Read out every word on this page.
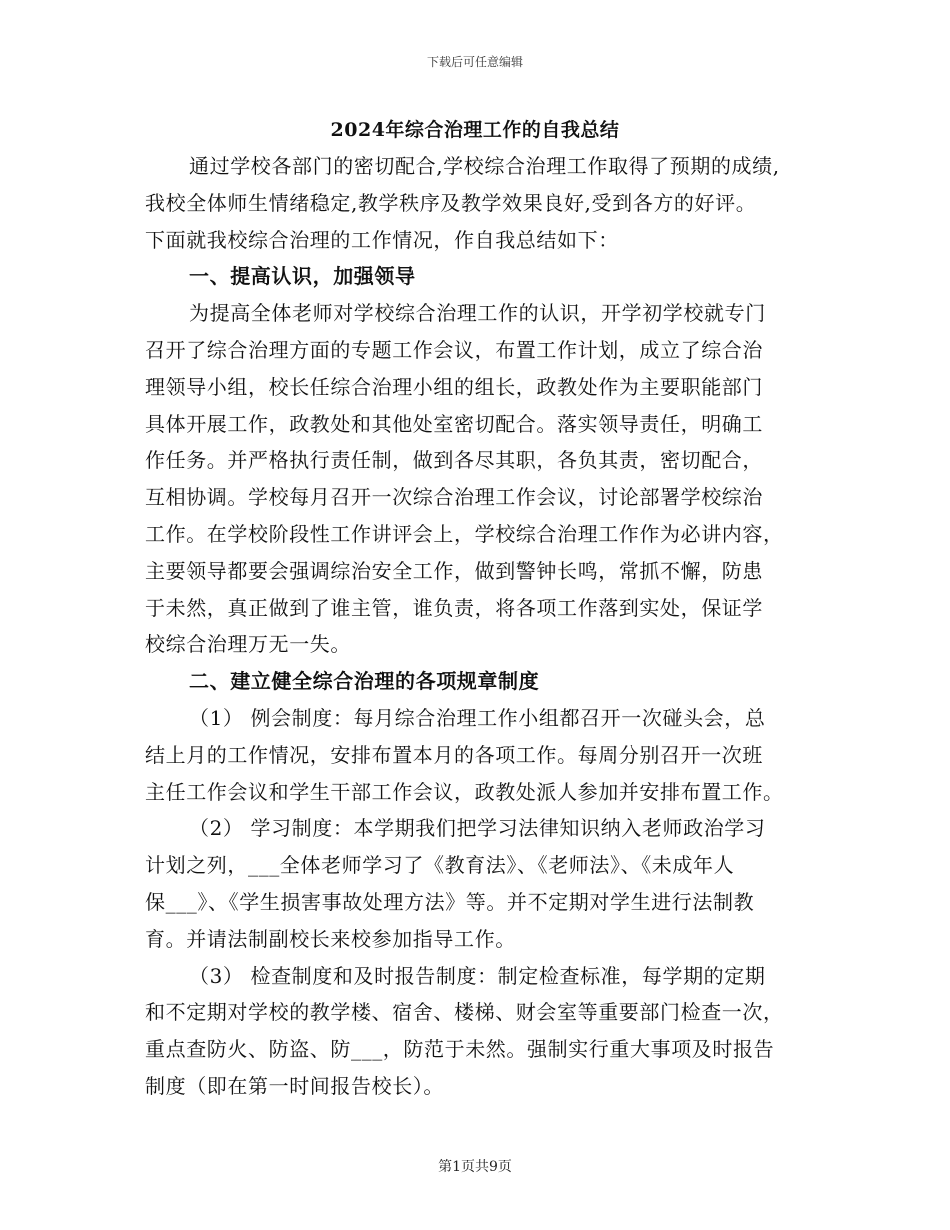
下载后可任意编辑
2024年综合治理工作的自我总结
通过学校各部门的密切配合,学校综合治理工作取得了预期的成绩,
我校全体师生情绪稳定,教学秩序及教学效果良好,受到各方的好评。
下面就我校综合治理的工作情况，作自我总结如下：
一、提高认识，加强领导
为提高全体老师对学校综合治理工作的认识，开学初学校就专门
召开了综合治理方面的专题工作会议，布置工作计划，成立了综合治
理领导小组，校长任综合治理小组的组长，政教处作为主要职能部门
具体开展工作，政教处和其他处室密切配合。落实领导责任，明确工
作任务。并严格执行责任制，做到各尽其职，各负其责，密切配合，
互相协调。学校每月召开一次综合治理工作会议，讨论部署学校综治
工作。在学校阶段性工作讲评会上，学校综合治理工作作为必讲内容，
主要领导都要会强调综治安全工作，做到警钟长鸣，常抓不懈，防患
于未然，真正做到了谁主管，谁负责，将各项工作落到实处，保证学
校综合治理万无一失。
二、建立健全综合治理的各项规章制度
（1） 例会制度：每月综合治理工作小组都召开一次碰头会，总
结上月的工作情况，安排布置本月的各项工作。每周分别召开一次班
主任工作会议和学生干部工作会议，政教处派人参加并安排布置工作。
（2） 学习制度：本学期我们把学习法律知识纳入老师政治学习
计划之列，___全体老师学习了《教育法》、《老师法》、《未成年人
保___》、《学生损害事故处理方法》等。并不定期对学生进行法制教
育。并请法制副校长来校参加指导工作。
（3） 检查制度和及时报告制度：制定检查标准，每学期的定期
和不定期对学校的教学楼、宿舍、楼梯、财会室等重要部门检查一次，
重点查防火、防盗、防___，防范于未然。强制实行重大事项及时报告
制度（即在第一时间报告校长）。
第1页共9页
